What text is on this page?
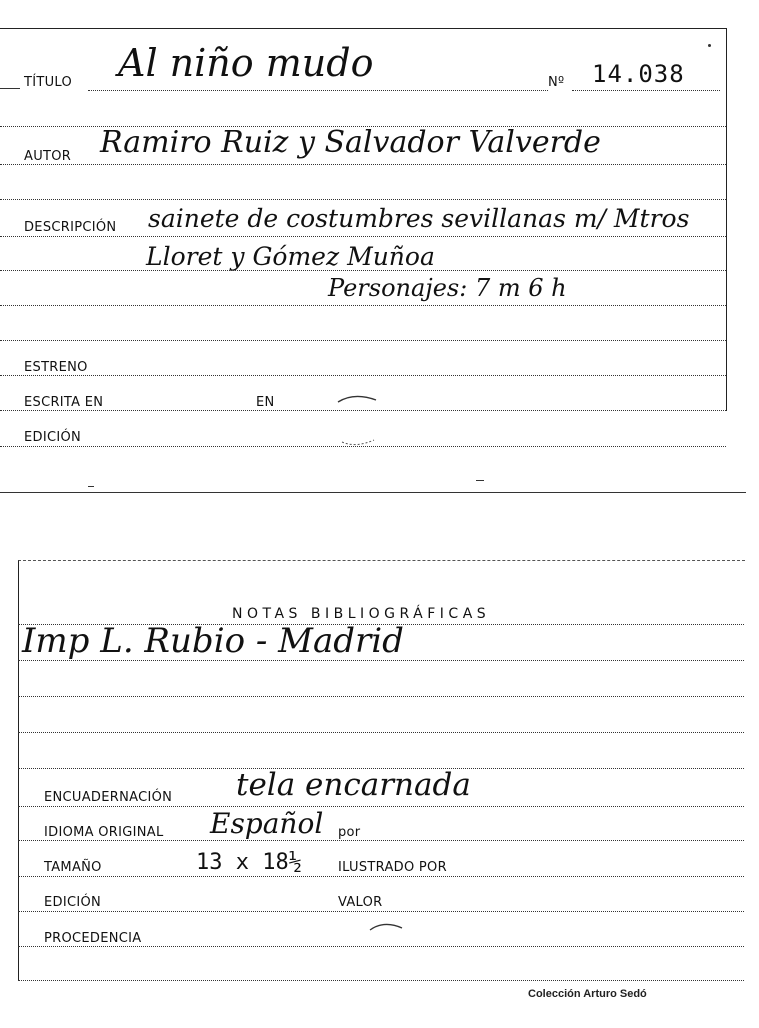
TÍTULO Al niño mudo	Nº 14.038
AUTOR Ramiro Ruiz y Salvador Valverde
DESCRIPCIÓN sainete de costumbres sevillanas m/ Mtros
Lloret y Gómez Muñoa
Personajes: 7 m 6 h
ESTRENO
ESCRITA EN	EN
EDICIÓN
NOTAS BIBLIOGRÁFICAS
Imp L. Rubio - Madrid
ENCUADERNACIÓN tela encarnada
IDIOMA ORIGINAL Español por
TAMAÑO	13 x 18½	ILUSTRADO POR
EDICIÓN	VALOR
PROCEDENCIA
Colección Arturo Sedó
